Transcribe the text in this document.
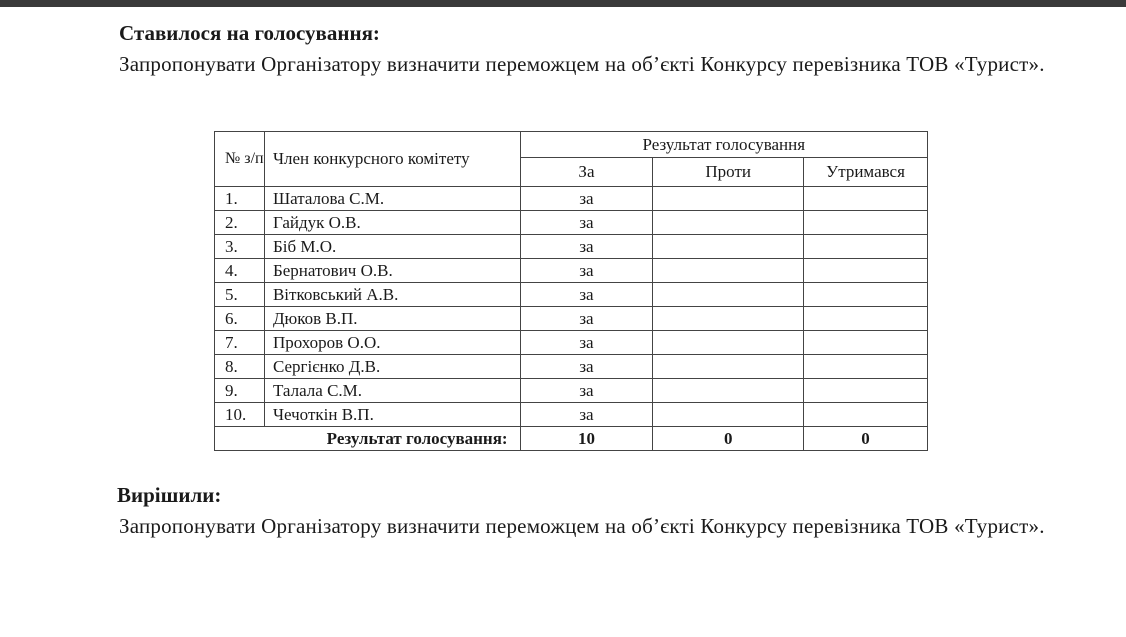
Ставилося на голосування:
Запропонувати Організатору визначити переможцем на об’єкті Конкурсу перевізника ТОВ «Турист».
№ з/п	Член конкурсного комітету	Результат голосування		
		За	Проти	Утримався
1.	Шаталова С.М.	за		
2.	Гайдук О.В.	за		
3.	Біб М.О.	за		
4.	Бернатович О.В.	за		
5.	Вітковський А.В.	за		
6.	Дюков В.П.	за		
7.	Прохоров О.О.	за		
8.	Сергієнко Д.В.	за		
9.	Талала С.М.	за		
10.	Чечоткін В.П.	за		
Результат голосування:		10	0	0
Вирішили:
Запропонувати Організатору визначити переможцем на об’єкті Конкурсу перевізника ТОВ «Турист».
